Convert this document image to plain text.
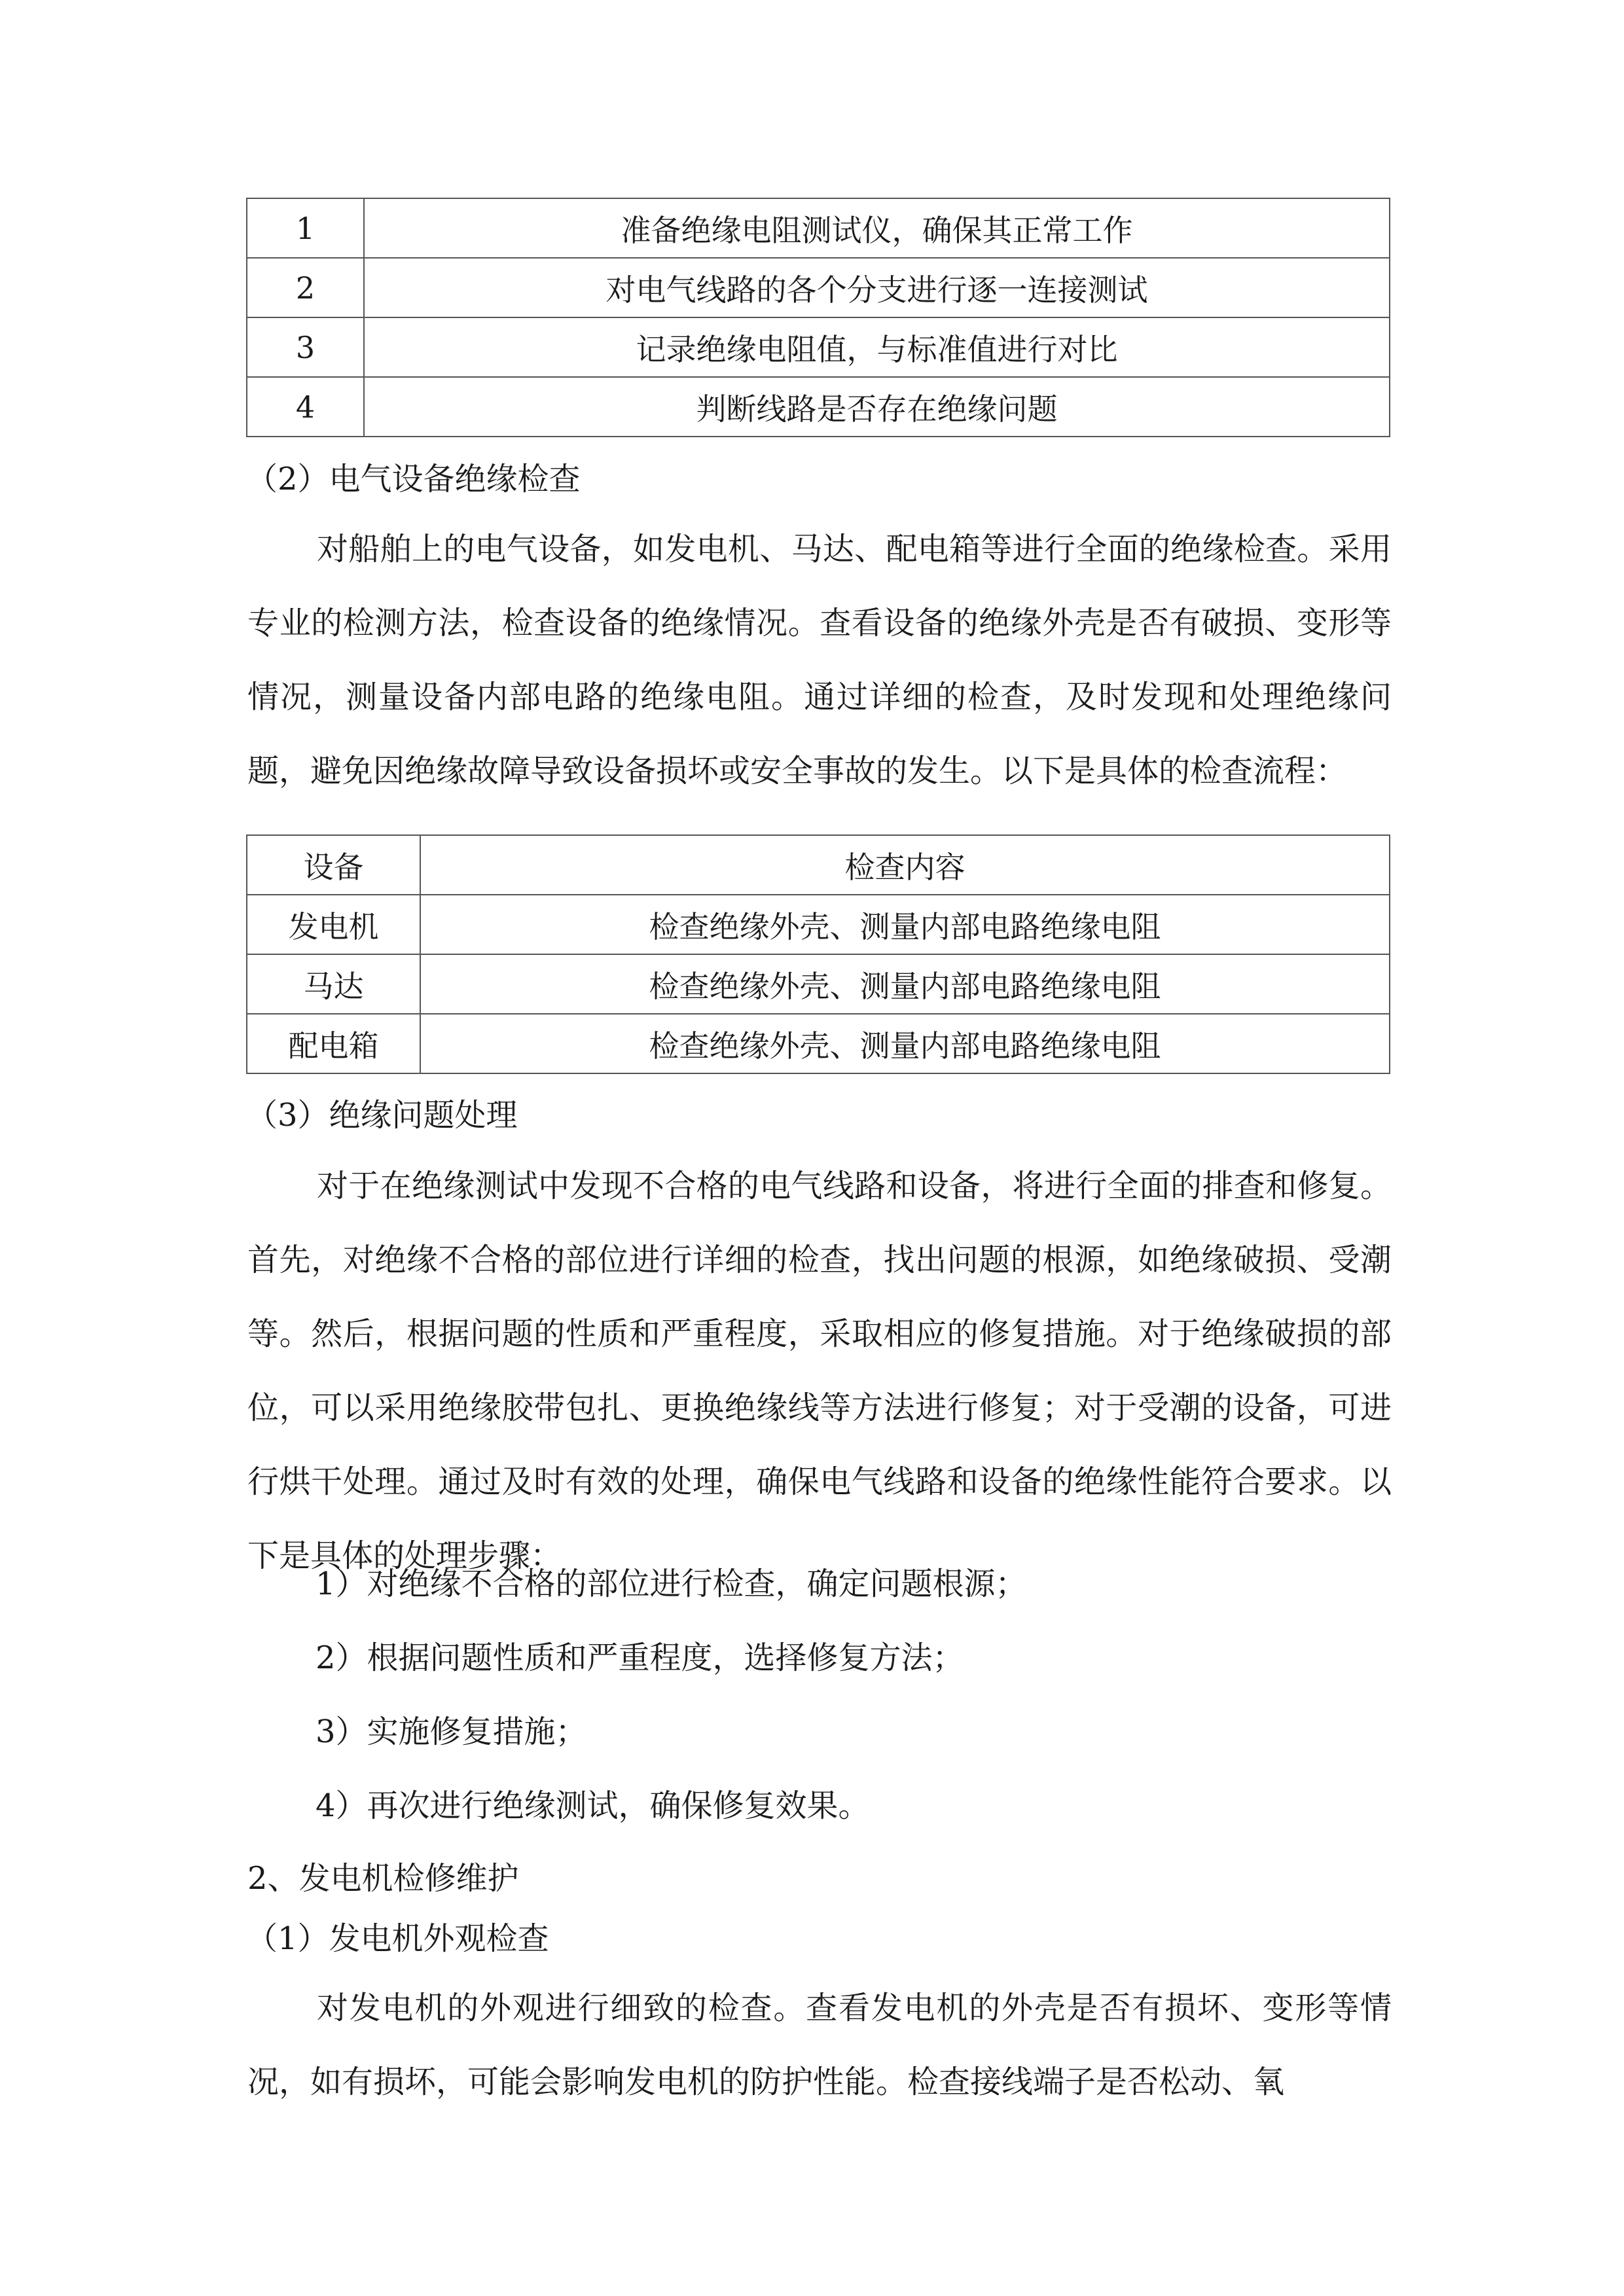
1	准备绝缘电阻测试仪，确保其正常工作
2	对电气线路的各个分支进行逐一连接测试
3	记录绝缘电阻值，与标准值进行对比
4	判断线路是否存在绝缘问题
（2）电气设备绝缘检查

对船舶上的电气设备，如发电机、马达、配电箱等进行全面的绝缘检查。采用专业的检测方法，检查设备的绝缘情况。查看设备的绝缘外壳是否有破损、变形等情况，测量设备内部电路的绝缘电阻。通过详细的检查，及时发现和处理绝缘问题，避免因绝缘故障导致设备损坏或安全事故的发生。以下是具体的检查流程：

设备	检查内容
发电机	检查绝缘外壳、测量内部电路绝缘电阻
马达	检查绝缘外壳、测量内部电路绝缘电阻
配电箱	检查绝缘外壳、测量内部电路绝缘电阻
（3）绝缘问题处理

对于在绝缘测试中发现不合格的电气线路和设备，将进行全面的排查和修复。首先，对绝缘不合格的部位进行详细的检查，找出问题的根源，如绝缘破损、受潮等。然后，根据问题的性质和严重程度，采取相应的修复措施。对于绝缘破损的部位，可以采用绝缘胶带包扎、更换绝缘线等方法进行修复；对于受潮的设备，可进行烘干处理。通过及时有效的处理，确保电气线路和设备的绝缘性能符合要求。以下是具体的处理步骤：

1）对绝缘不合格的部位进行检查，确定问题根源；
2）根据问题性质和严重程度，选择修复方法；
3）实施修复措施；
4）再次进行绝缘测试，确保修复效果。
2、发电机检修维护
（1）发电机外观检查

对发电机的外观进行细致的检查。查看发电机的外壳是否有损坏、变形等情况，如有损坏，可能会影响发电机的防护性能。检查接线端子是否松动、氧
